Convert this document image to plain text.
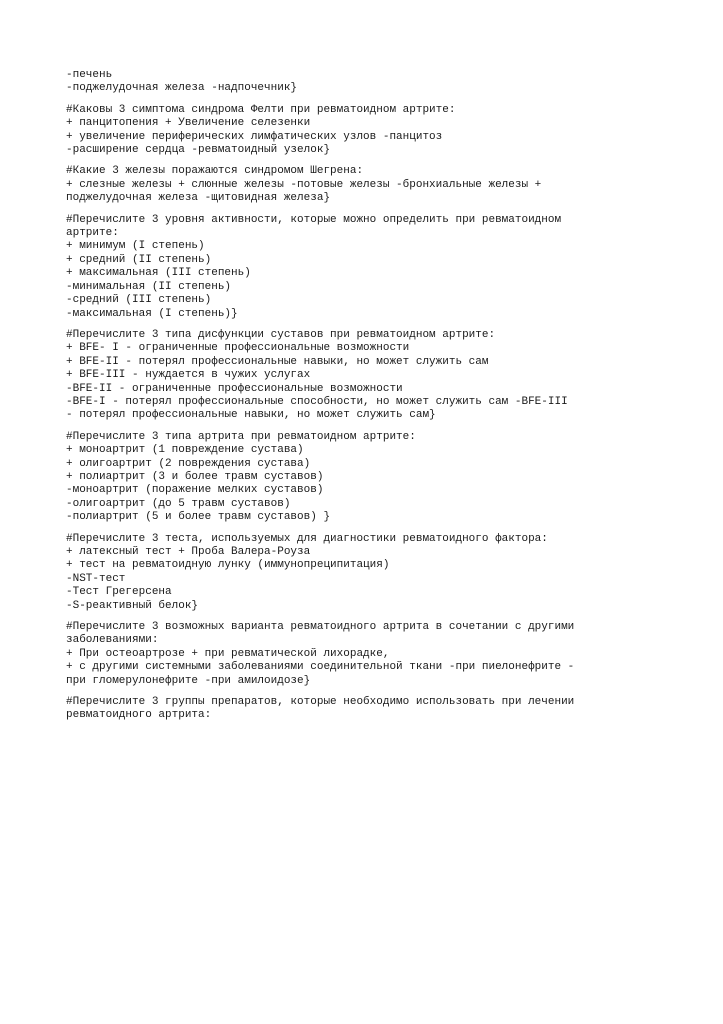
-печень
-поджелудочная железа -надпочечник}
#Каковы 3 симптома синдрома Фелти при ревматоидном артрите:
+ панцитопения + Увеличение селезенки
+ увеличение периферических лимфатических узлов -панцитоз
-расширение сердца -ревматоидный узелок}
#Какие 3 железы поражаются синдромом Шегрена:
+ слезные железы + слюнные железы -потовые железы -бронхиальные железы +
поджелудочная железа -щитовидная железа}
#Перечислите 3 уровня активности, которые можно определить при ревматоидном
артрите:
+ минимум (I степень)
+ средний (II степень)
+ максимальная (III степень)
-минимальная (II степень)
-средний (III степень)
-максимальная (I степень)}
#Перечислите 3 типа дисфункции суставов при ревматоидном артрите:
+ BFE- I - ограниченные профессиональные возможности
+ BFE-II - потерял профессиональные навыки, но может служить сам
+ BFE-III - нуждается в чужих услугах
-BFE-II - ограниченные профессиональные возможности
-BFE-I - потерял профессиональные способности, но может служить сам -BFE-III
- потерял профессиональные навыки, но может служить сам}
#Перечислите 3 типа артрита при ревматоидном артрите:
+ моноартрит (1 повреждение сустава)
+ олигоартрит (2 повреждения сустава)
+ полиартрит (3 и более травм суставов)
-моноартрит (поражение мелких суставов)
-олигоартрит (до 5 травм суставов)
-полиартрит (5 и более травм суставов) }
#Перечислите 3 теста, используемых для диагностики ревматоидного фактора:
+ латексный тест + Проба Валера-Роуза
+ тест на ревматоидную лунку (иммунопреципитация)
-NST-тест
-Тест Грегерсена
-S-реактивный белок}
#Перечислите 3 возможных варианта ревматоидного артрита в сочетании с другими
заболеваниями:
+ При остеоартрозе + при ревматической лихорадке,
+ с другими системными заболеваниями соединительной ткани -при пиелонефрите -
при гломерулонефрите -при амилоидозе}
#Перечислите 3 группы препаратов, которые необходимо использовать при лечении
ревматоидного артрита:
